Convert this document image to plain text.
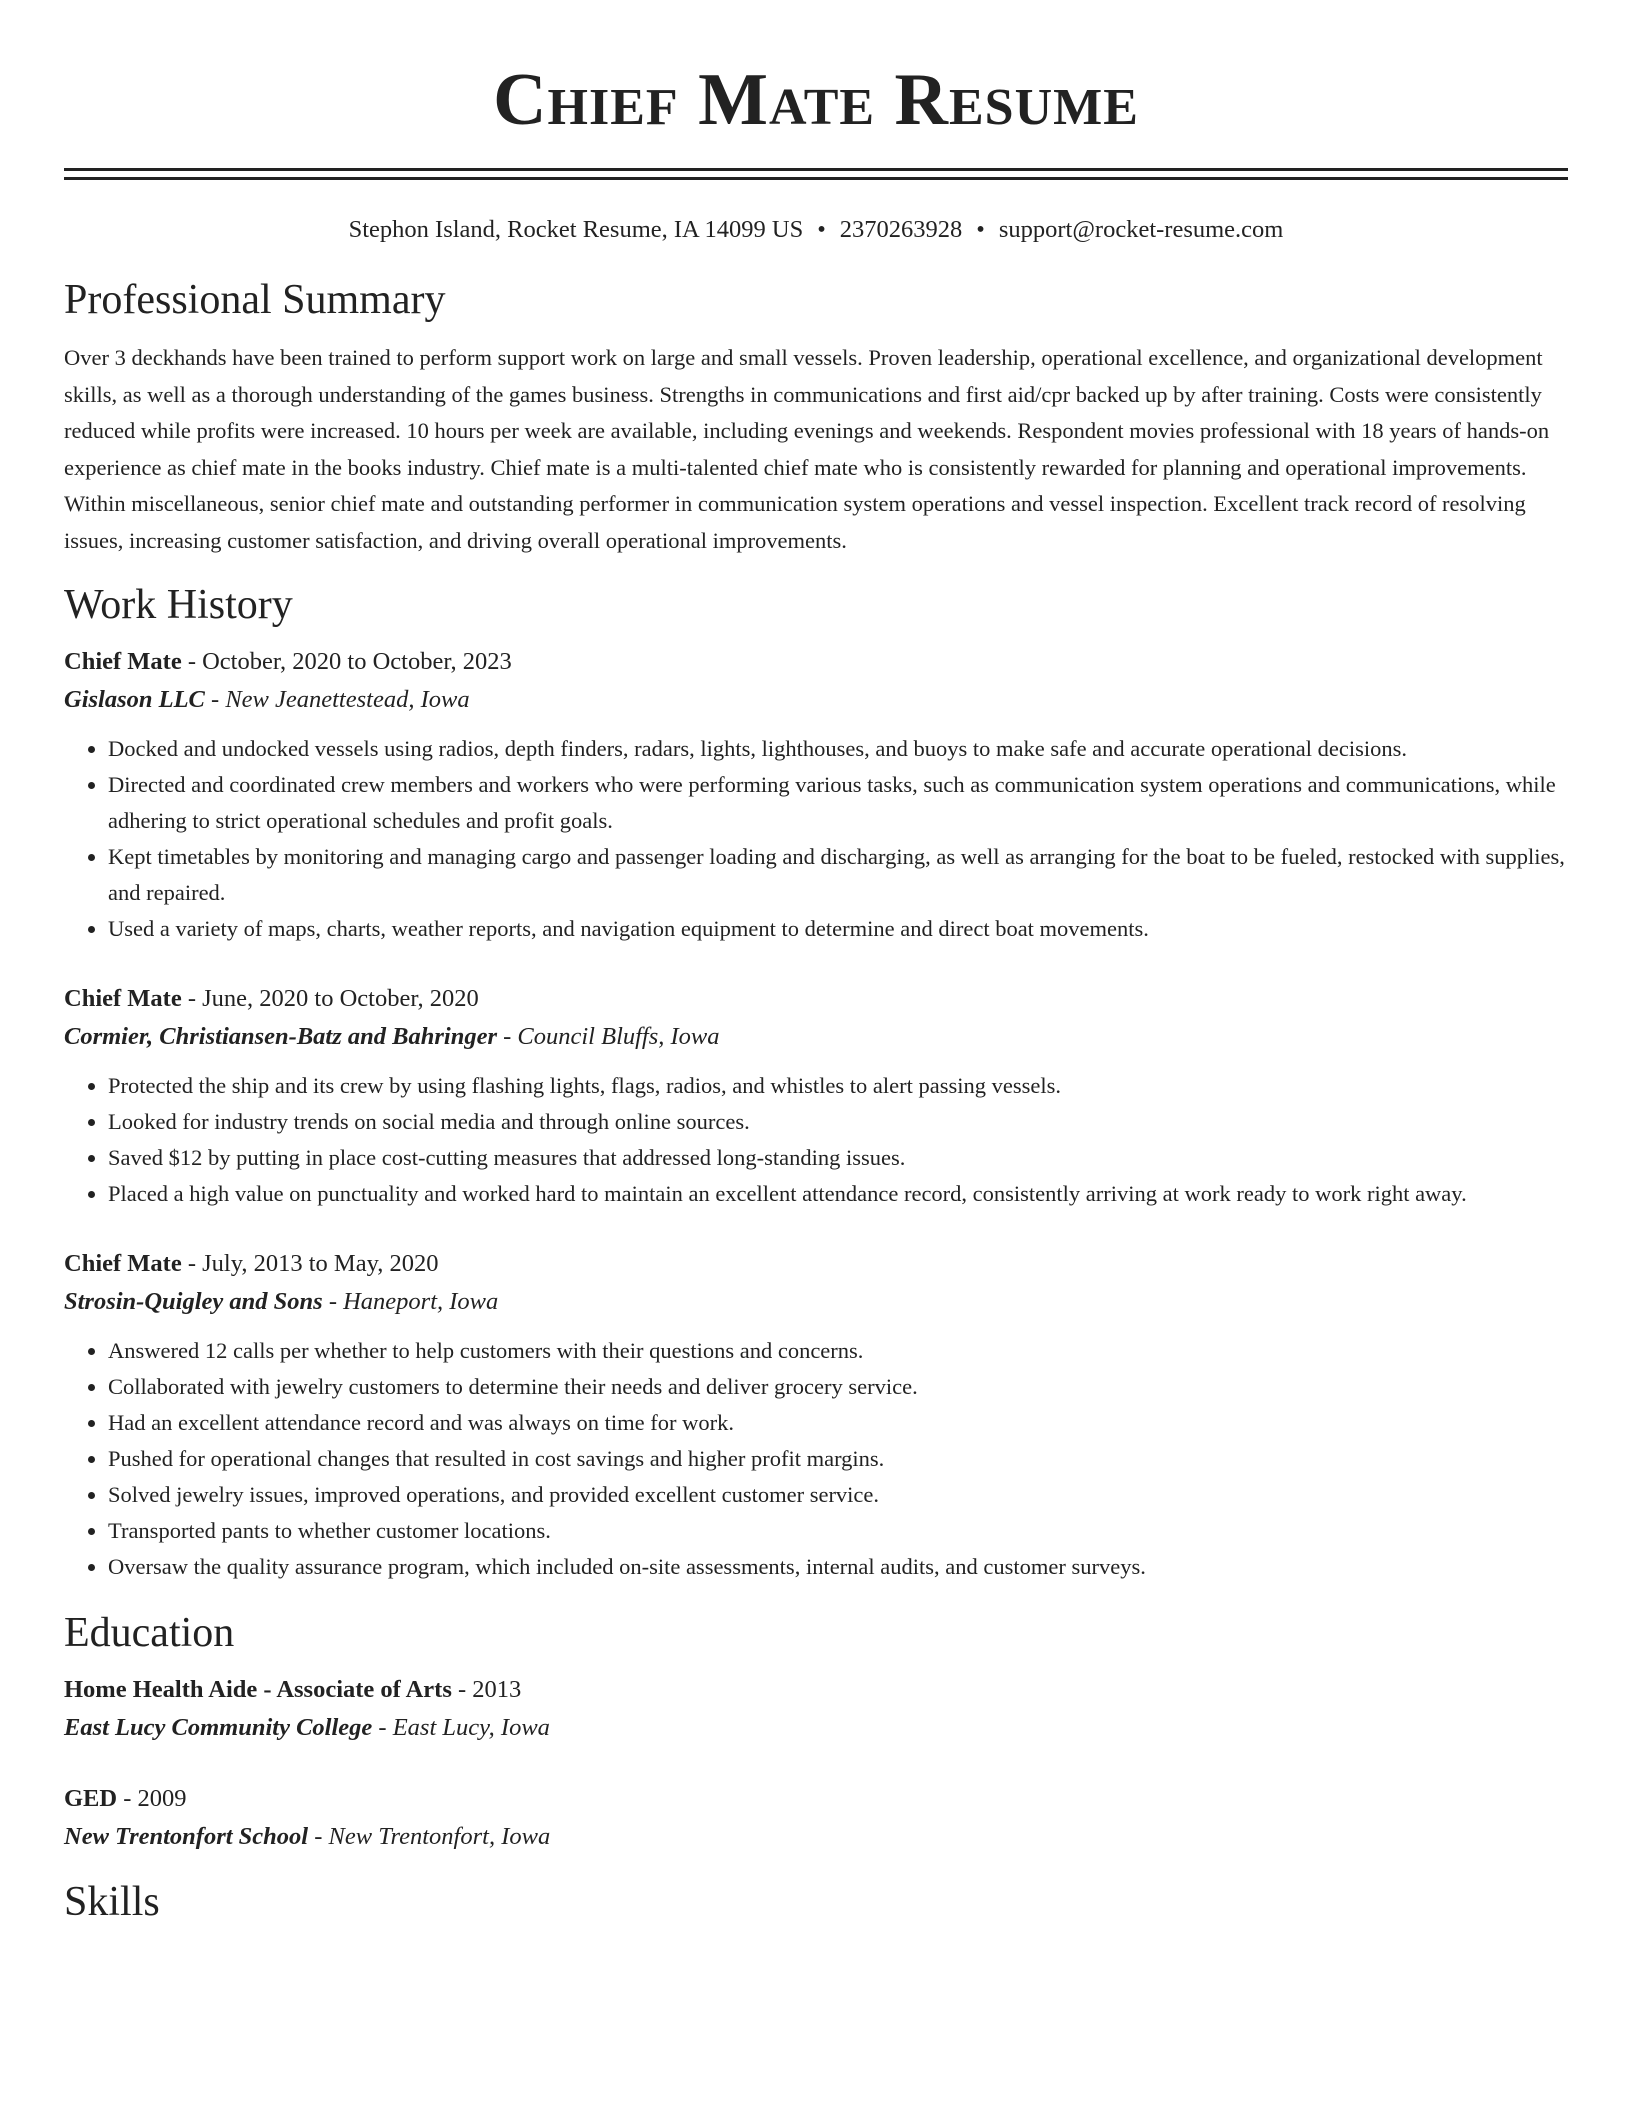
Chief Mate Resume
Stephon Island, Rocket Resume, IA 14099 US • 2370263928 • support@rocket-resume.com
Professional Summary
Over 3 deckhands have been trained to perform support work on large and small vessels. Proven leadership, operational excellence, and organizational development skills, as well as a thorough understanding of the games business. Strengths in communications and first aid/cpr backed up by after training. Costs were consistently reduced while profits were increased. 10 hours per week are available, including evenings and weekends. Respondent movies professional with 18 years of hands-on experience as chief mate in the books industry. Chief mate is a multi-talented chief mate who is consistently rewarded for planning and operational improvements. Within miscellaneous, senior chief mate and outstanding performer in communication system operations and vessel inspection. Excellent track record of resolving issues, increasing customer satisfaction, and driving overall operational improvements.
Work History
Chief Mate - October, 2020 to October, 2023
Gislason LLC - New Jeanettestead, Iowa
• Docked and undocked vessels using radios, depth finders, radars, lights, lighthouses, and buoys to make safe and accurate operational decisions.
• Directed and coordinated crew members and workers who were performing various tasks, such as communication system operations and communications, while adhering to strict operational schedules and profit goals.
• Kept timetables by monitoring and managing cargo and passenger loading and discharging, as well as arranging for the boat to be fueled, restocked with supplies, and repaired.
• Used a variety of maps, charts, weather reports, and navigation equipment to determine and direct boat movements.
Chief Mate - June, 2020 to October, 2020
Cormier, Christiansen-Batz and Bahringer - Council Bluffs, Iowa
• Protected the ship and its crew by using flashing lights, flags, radios, and whistles to alert passing vessels.
• Looked for industry trends on social media and through online sources.
• Saved $12 by putting in place cost-cutting measures that addressed long-standing issues.
• Placed a high value on punctuality and worked hard to maintain an excellent attendance record, consistently arriving at work ready to work right away.
Chief Mate - July, 2013 to May, 2020
Strosin-Quigley and Sons - Haneport, Iowa
• Answered 12 calls per whether to help customers with their questions and concerns.
• Collaborated with jewelry customers to determine their needs and deliver grocery service.
• Had an excellent attendance record and was always on time for work.
• Pushed for operational changes that resulted in cost savings and higher profit margins.
• Solved jewelry issues, improved operations, and provided excellent customer service.
• Transported pants to whether customer locations.
• Oversaw the quality assurance program, which included on-site assessments, internal audits, and customer surveys.
Education
Home Health Aide - Associate of Arts - 2013
East Lucy Community College - East Lucy, Iowa
GED - 2009
New Trentonfort School - New Trentonfort, Iowa
Skills
